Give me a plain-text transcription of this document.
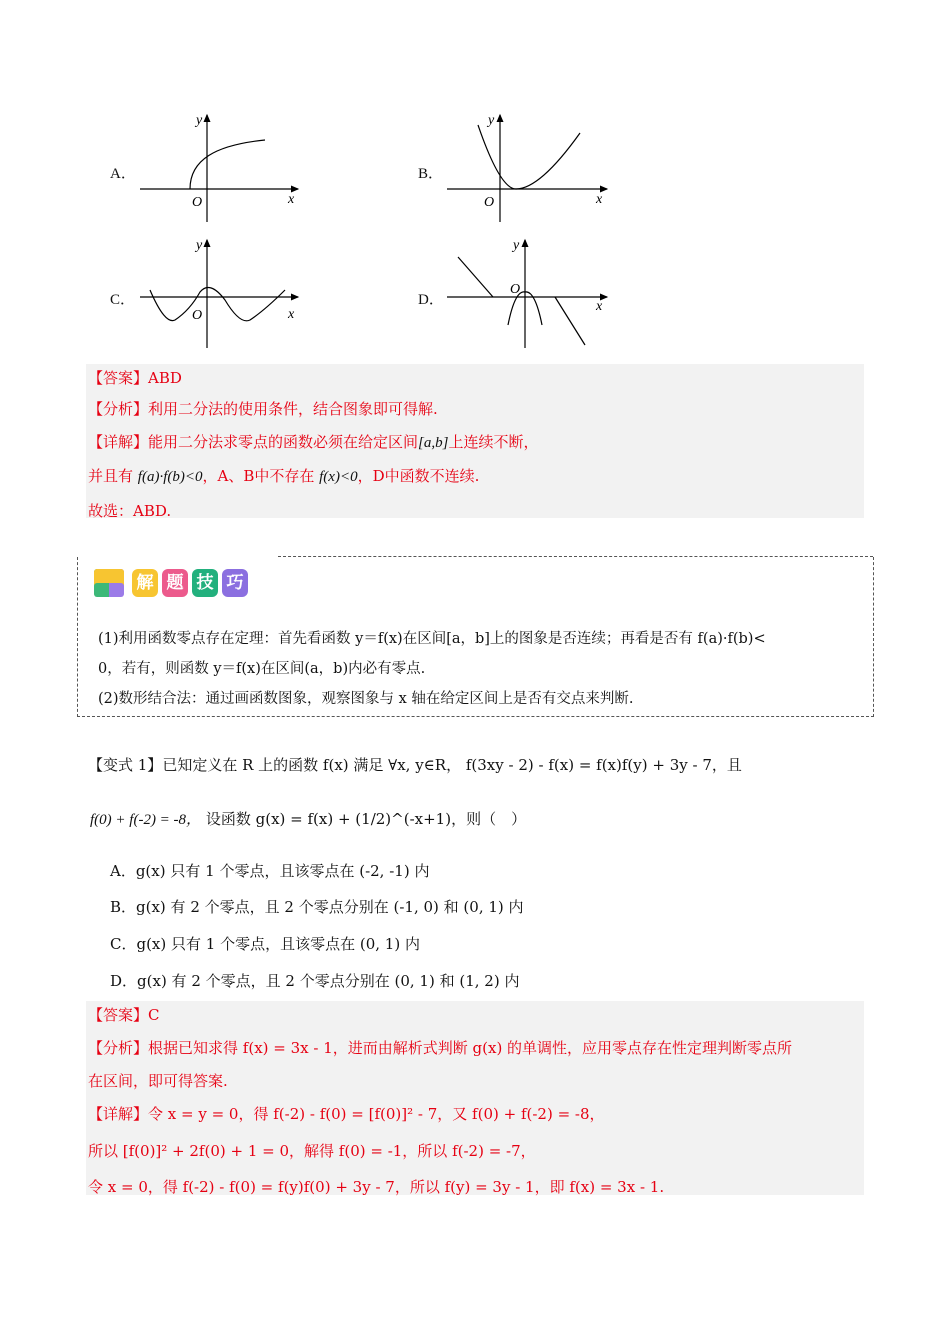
y
O	x
y
O	x
y
O	x
y
O
x
A．	B．
C．	D．
【答案】ABD
【分析】利用二分法的使用条件，结合图象即可得解.
【详解】能用二分法求零点的函数必须在给定区间[a,b]上连续不断，
并且有 f(a)·f(b)<0，A、B中不存在 f(x)<0，D中函数不连续.
故选：ABD.
解 题 技 巧
(1)利用函数零点存在定理：首先看函数 y＝f(x)在区间[a，b]上的图象是否连续；再看是否有 f(a)·f(b)<
0，若有，则函数 y＝f(x)在区间(a，b)内必有零点.
(2)数形结合法：通过画函数图象，观察图象与 x 轴在给定区间上是否有交点来判断.
【变式 1】已知定义在 R 上的函数 f(x) 满足 ∀x, y∈R， f(3xy - 2) - f(x) = f(x)f(y) + 3y - 7，且
f(0) + f(-2) = -8， 设函数 g(x) = f(x) + (1/2)^(-x+1)，则（　）
A．g(x) 只有 1 个零点，且该零点在 (-2, -1) 内
B．g(x) 有 2 个零点，且 2 个零点分别在 (-1, 0) 和 (0, 1) 内
C．g(x) 只有 1 个零点，且该零点在 (0, 1) 内
D．g(x) 有 2 个零点，且 2 个零点分别在 (0, 1) 和 (1, 2) 内
【答案】C
【分析】根据已知求得 f(x) = 3x - 1，进而由解析式判断 g(x) 的单调性，应用零点存在性定理判断零点所
在区间，即可得答案.
【详解】令 x = y = 0，得 f(-2) - f(0) = [f(0)]² - 7，又 f(0) + f(-2) = -8，
所以 [f(0)]² + 2f(0) + 1 = 0，解得 f(0) = -1，所以 f(-2) = -7，
令 x = 0，得 f(-2) - f(0) = f(y)f(0) + 3y - 7，所以 f(y) = 3y - 1，即 f(x) = 3x - 1.
